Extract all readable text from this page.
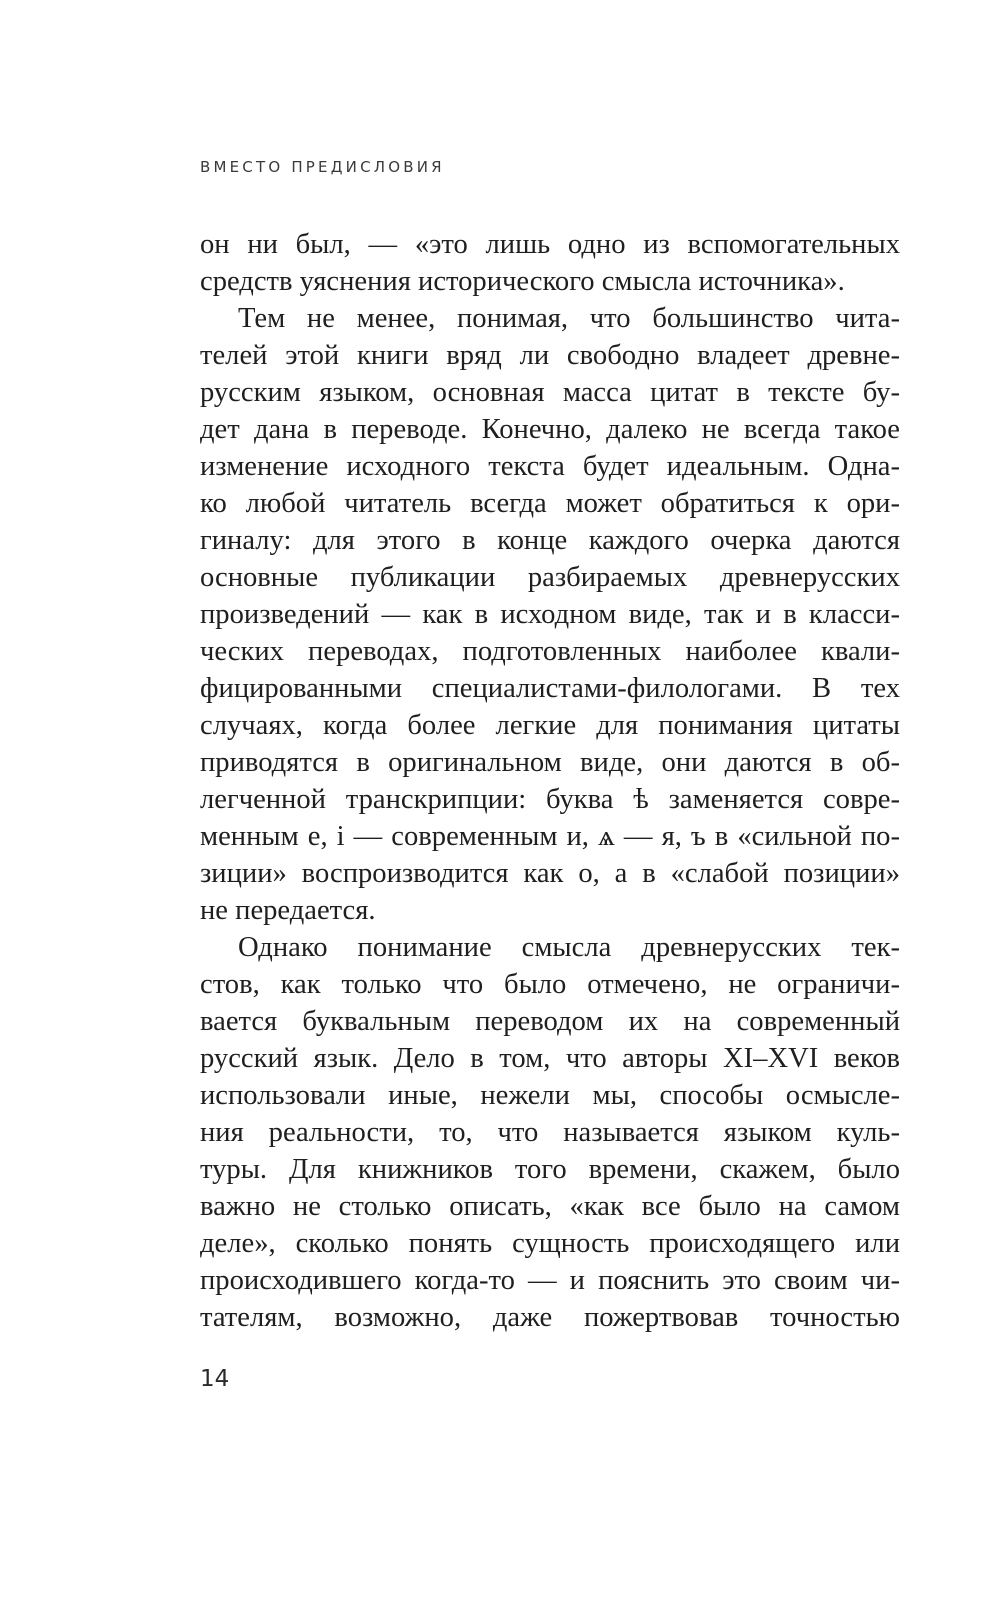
ВМЕСТО ПРЕДИСЛОВИЯ
он ни был, — «это лишь одно из вспомогательных
средств уяснения исторического смысла источника».
Тем не менее, понимая, что большинство чита-
телей этой книги вряд ли свободно владеет древне-
русским языком, основная масса цитат в тексте бу-
дет дана в переводе. Конечно, далеко не всегда такое
изменение исходного текста будет идеальным. Одна-
ко любой читатель всегда может обратиться к ори-
гиналу: для этого в конце каждого очерка даются
основные публикации разбираемых древнерусских
произведений — как в исходном виде, так и в класси-
ческих переводах, подготовленных наиболее квали-
фицированными специалистами-филологами. В тех
случаях, когда более легкие для понимания цитаты
приводятся в оригинальном виде, они даются в об-
легченной транскрипции: буква ѣ заменяется совре-
менным е, і — современным и, ѧ — я, ъ в «сильной по-
зиции» воспроизводится как о, а в «слабой позиции»
не передается.
Однако понимание смысла древнерусских тек-
стов, как только что было отмечено, не ограничи-
вается буквальным переводом их на современный
русский язык. Дело в том, что авторы XI–XVI веков
использовали иные, нежели мы, способы осмысле-
ния реальности, то, что называется языком куль-
туры. Для книжников того времени, скажем, было
важно не столько описать, «как все было на самом
деле», сколько понять сущность происходящего или
происходившего когда-то — и пояснить это своим чи-
тателям, возможно, даже пожертвовав точностью
14
